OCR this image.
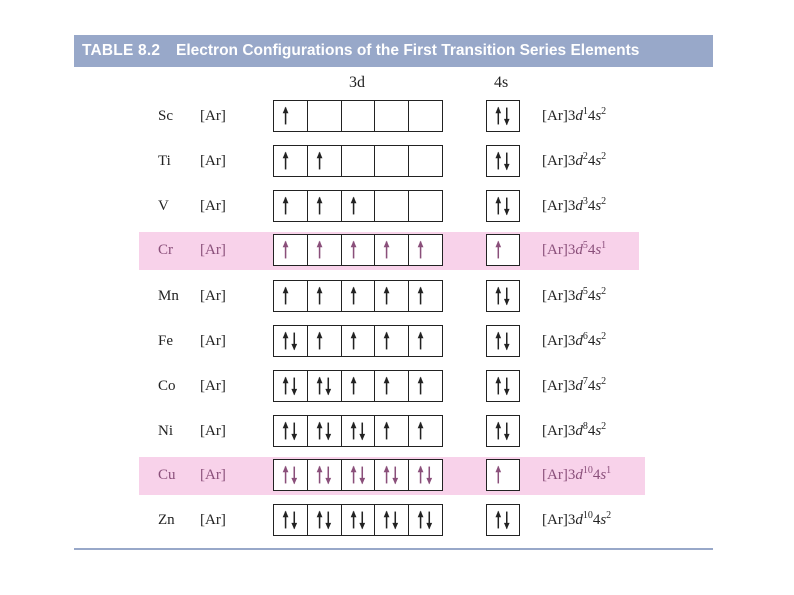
TABLE 8.2 Electron Configurations of the First Transition Series Elements
3d	4s
Sc	[Ar]	$[Ar]3d^14s^2$
Ti	[Ar]	$[Ar]3d^24s^2$
V	[Ar]	$[Ar]3d^34s^2$
Cr	[Ar]	$[Ar]3d^54s^1$
Mn [Ar]	$[Ar]3d^54s^2$
Fe	[Ar]	$[Ar]3d^64s^2$
Co [Ar]	$[Ar]3d^74s^2$
Ni	[Ar]	$[Ar]3d^84s^2$
Cu [Ar]	$[Ar]3d^{10}4s^1$
Zn	[Ar]	$[Ar]3d^{10}4s^2$
